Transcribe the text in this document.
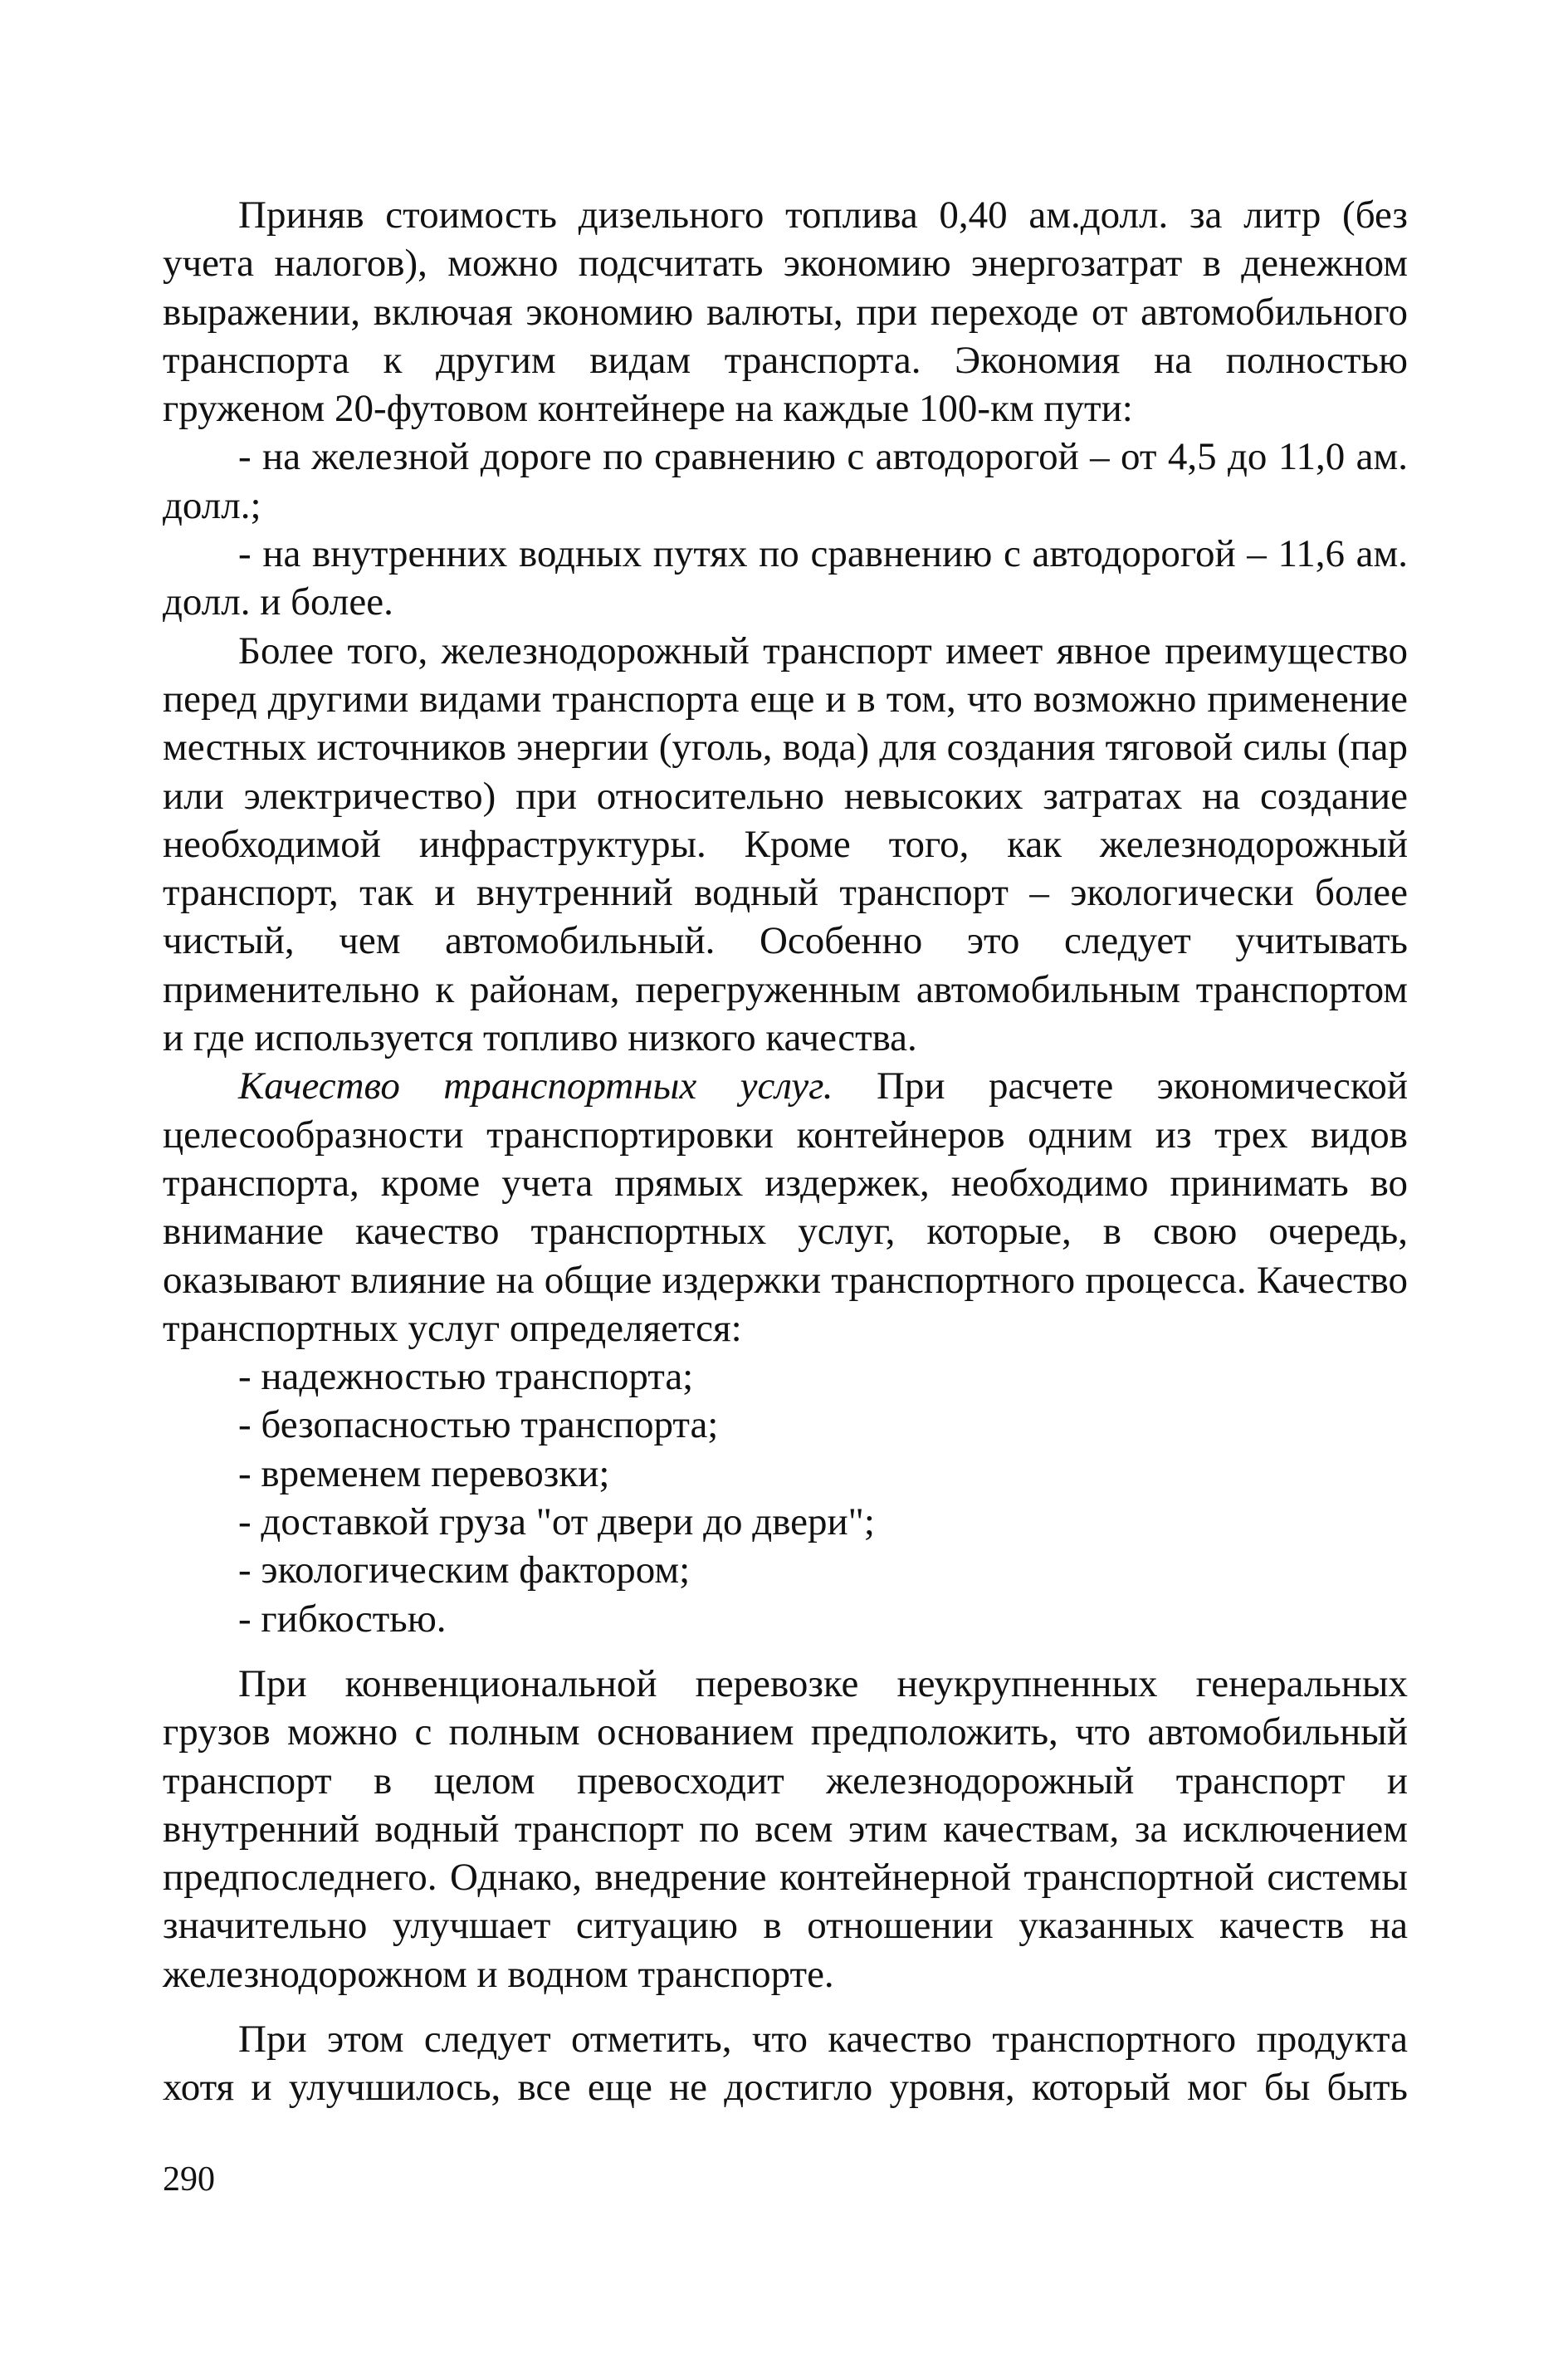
Приняв стоимость дизельного топлива 0,40 ам.долл. за литр (без учета налогов), можно подсчитать экономию энергозатрат в денежном выражении, включая экономию валюты, при переходе от автомобильного транспорта к другим видам транспорта. Экономия на полностью груженом 20-футовом контейнере на каждые 100-км пути:

- на железной дороге по сравнению с автодорогой – от 4,5 до 11,0 ам. долл.;

- на внутренних водных путях по сравнению с автодорогой – 11,6 ам. долл. и более.

Более того, железнодорожный транспорт имеет явное преимущество перед другими видами транспорта еще и в том, что возможно применение местных источников энергии (уголь, вода) для создания тяговой силы (пар или электричество) при относительно невысоких затратах на создание необходимой инфраструктуры. Кроме того, как железнодорожный транспорт, так и внутренний водный транспорт – экологически более чистый, чем автомобильный. Особенно это следует учитывать применительно к районам, перегруженным автомобильным транспортом и где используется топливо низкого качества.

Качество транспортных услуг. При расчете экономической целесообразности транспортировки контейнеров одним из трех видов транспорта, кроме учета прямых издержек, необходимо принимать во внимание качество транспортных услуг, которые, в свою очередь, оказывают влияние на общие издержки транспортного процесса. Качество транспортных услуг определяется:

- надежностью транспорта;

- безопасностью транспорта;

- временем перевозки;

- доставкой груза "от двери до двери";

- экологическим фактором;

- гибкостью.

При конвенциональной перевозке неукрупненных генеральных грузов можно с полным основанием предположить, что автомобильный транспорт в целом превосходит железнодорожный транспорт и внутренний водный транспорт по всем этим качествам, за исключением предпоследнего. Однако, внедрение контейнерной транспортной системы значительно улучшает ситуацию в отношении указанных качеств на железнодорожном и водном транспорте.

При этом следует отметить, что качество транспортного продукта хотя и улучшилось, все еще не достигло уровня, который мог бы быть

290
